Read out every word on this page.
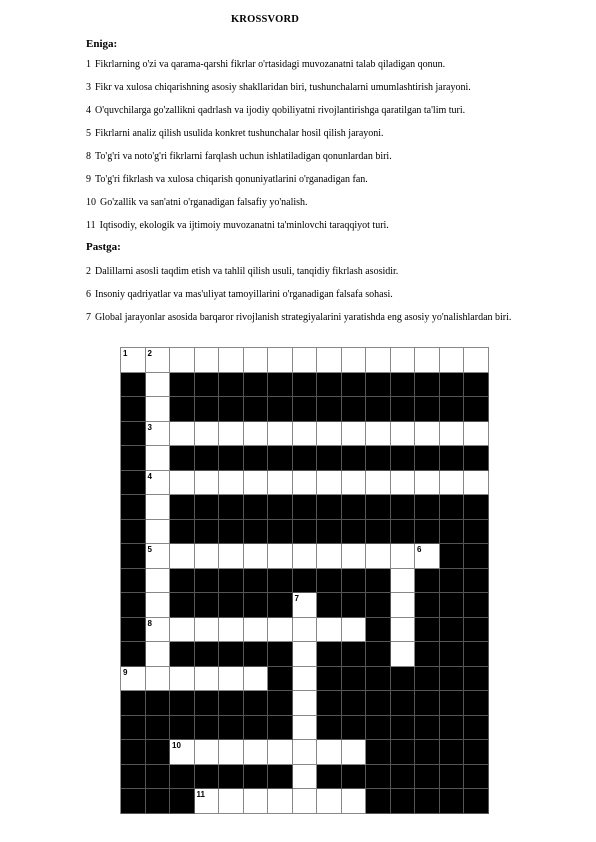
KROSSVORD
Eniga:
1 Fikrlarning o'zi va qarama-qarshi fikrlar o'rtasidagi muvozanatni talab qiladigan qonun.
3 Fikr va xulosa chiqarishning asosiy shakllaridan biri, tushunchalarni umumlashtirish jarayoni.
4 O'quvchilarga go'zallikni qadrlash va ijodiy qobiliyatni rivojlantirishga qaratilgan ta'lim turi.
5 Fikrlarni analiz qilish usulida konkret tushunchalar hosil qilish jarayoni.
8 To'g'ri va noto'g'ri fikrlarni farqlash uchun ishlatiladigan qonunlardan biri.
9 To'g'ri fikrlash va xulosa chiqarish qonuniyatlarini o'rganadigan fan.
10 Go'zallik va san'atni o'rganadigan falsafiy yo'nalish.
11 Iqtisodiy, ekologik va ijtimoiy muvozanatni ta'minlovchi taraqqiyot turi.
Pastga:
2 Dalillarni asosli taqdim etish va tahlil qilish usuli, tanqidiy fikrlash asosidir.
6 Insoniy qadriyatlar va mas'uliyat tamoyillarini o'rganadigan falsafa sohasi.
7 Global jarayonlar asosida barqaror rivojlanish strategiyalarini yaratishda eng asosiy yo'nalishlardan biri.
1	2
3
4
5	6
7
8
9
10
11
